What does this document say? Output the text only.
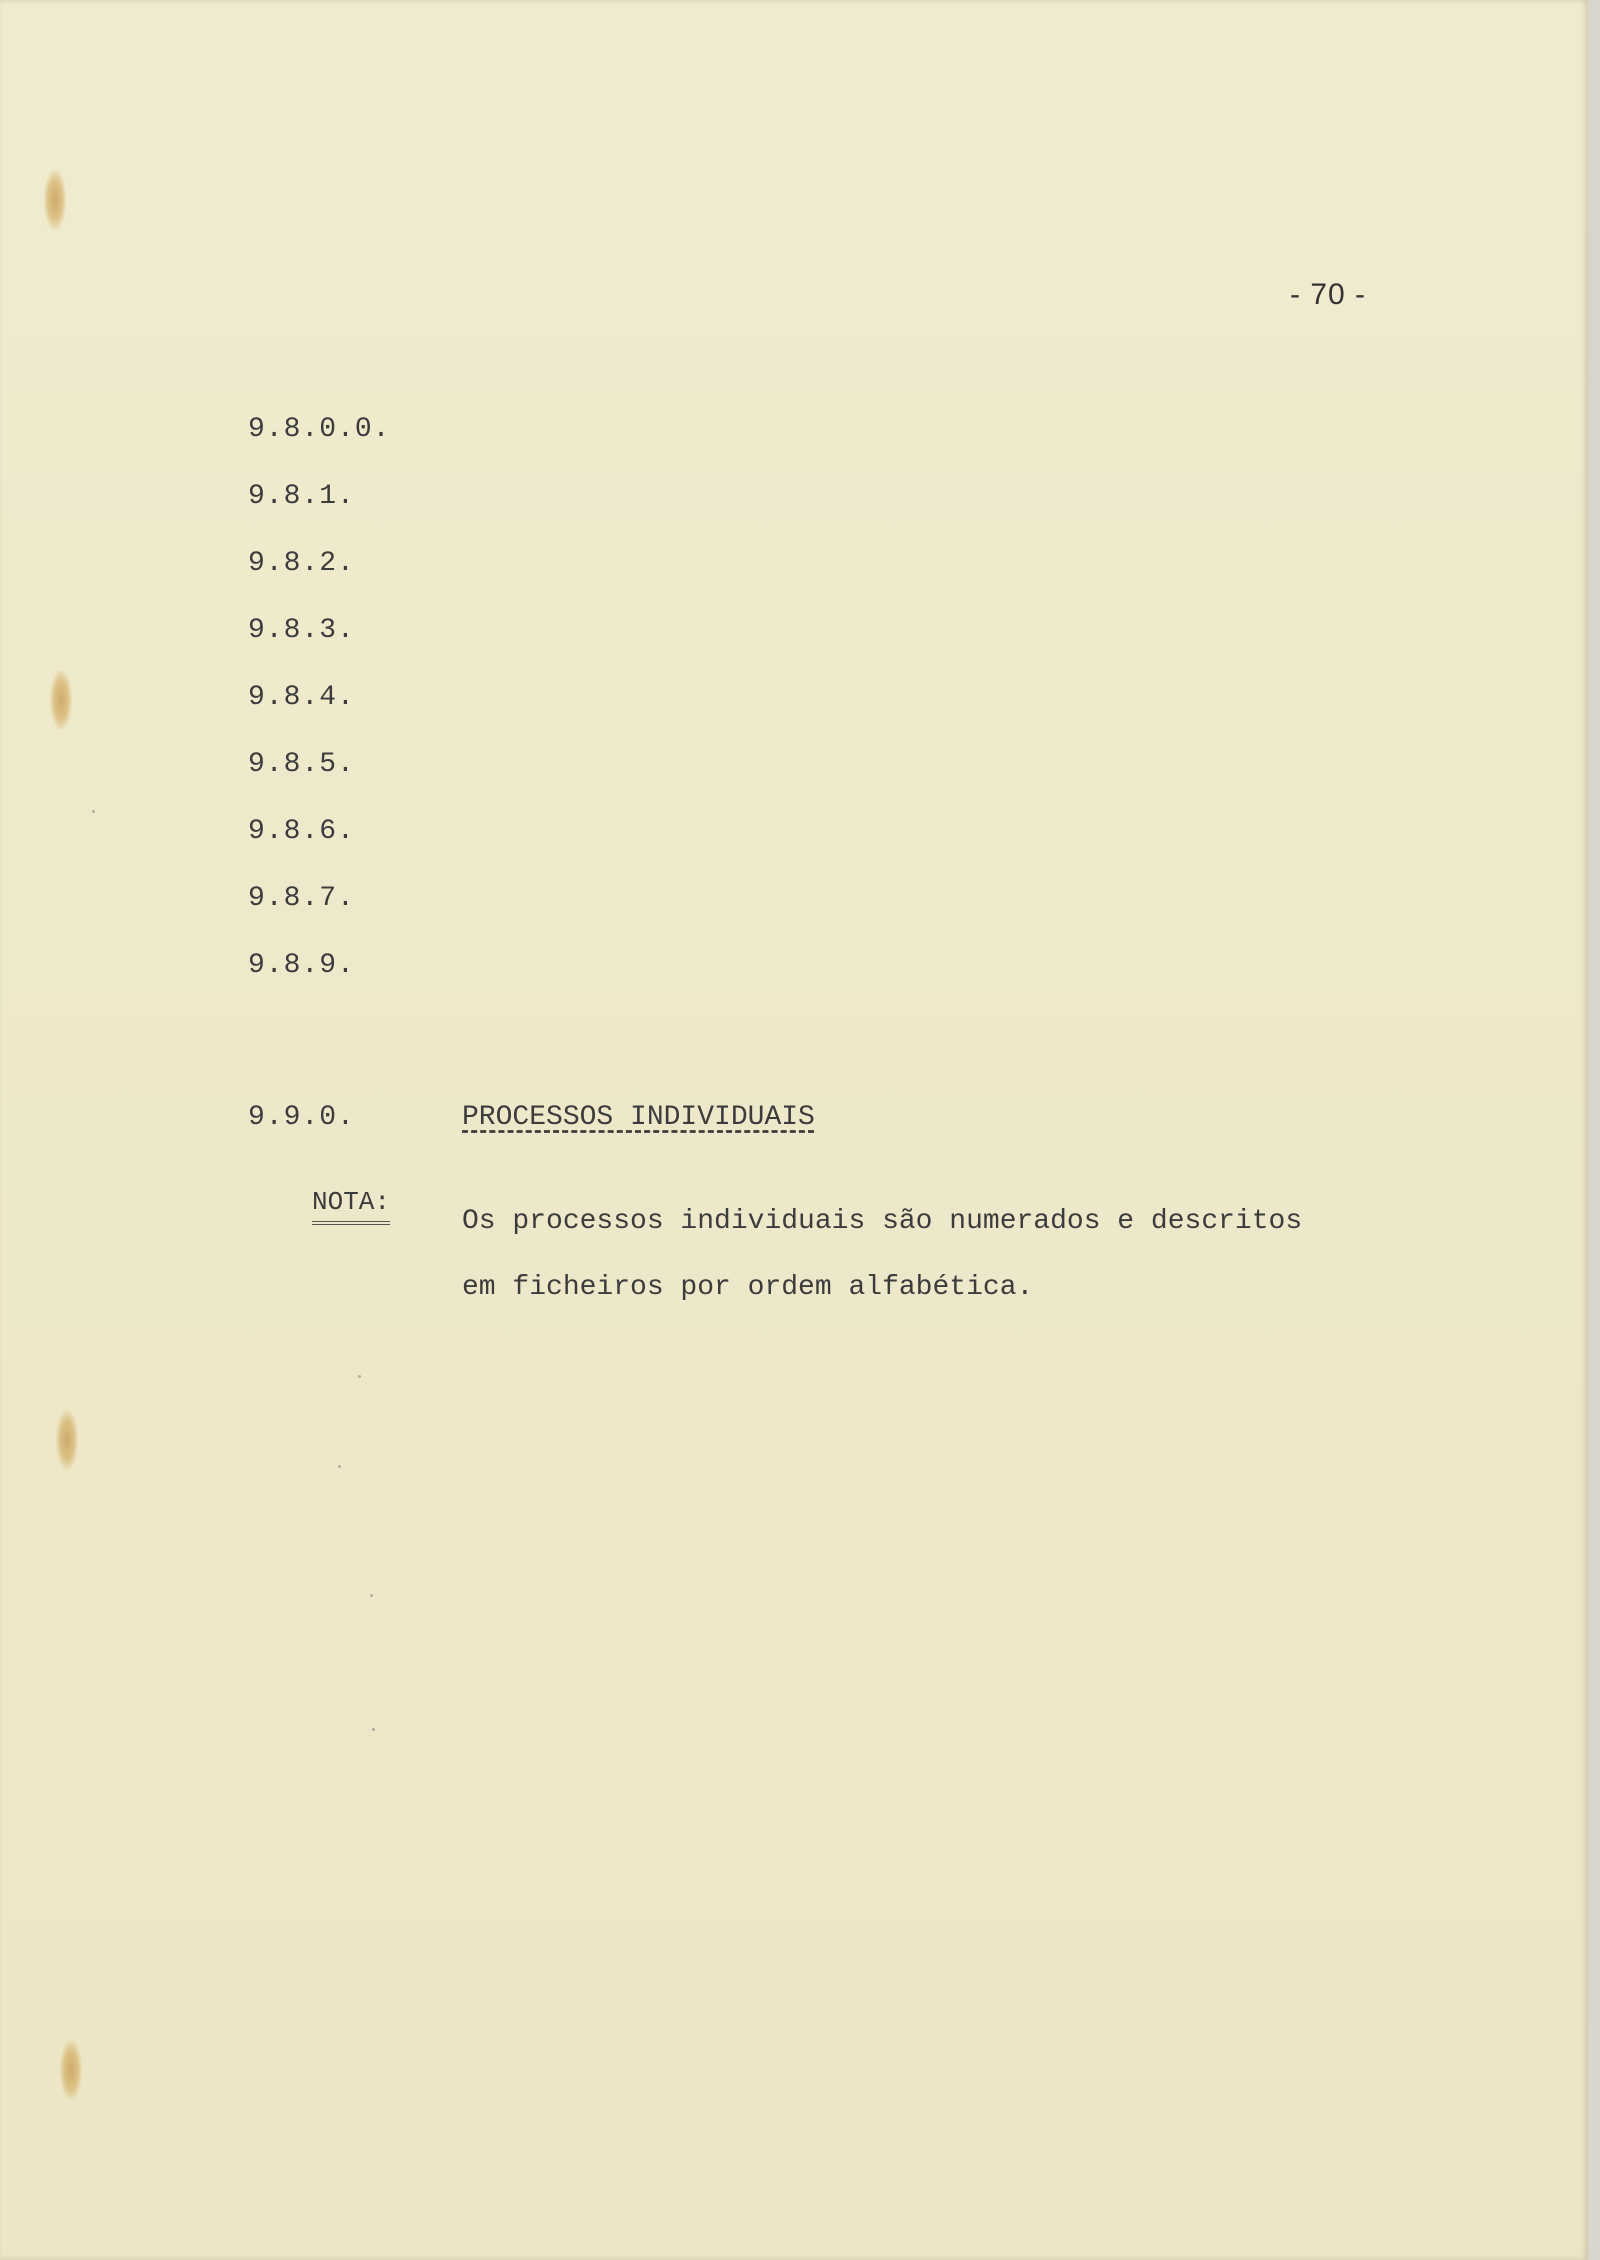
- 70 -
9.8.0.0.
9.8.1.
9.8.2.
9.8.3.
9.8.4.
9.8.5.
9.8.6.
9.8.7.
9.8.9.
9.9.0.	PROCESSOS INDIVIDUAIS
NOTA:
Os processos individuais são numerados e descritos
em ficheiros por ordem alfabética.
